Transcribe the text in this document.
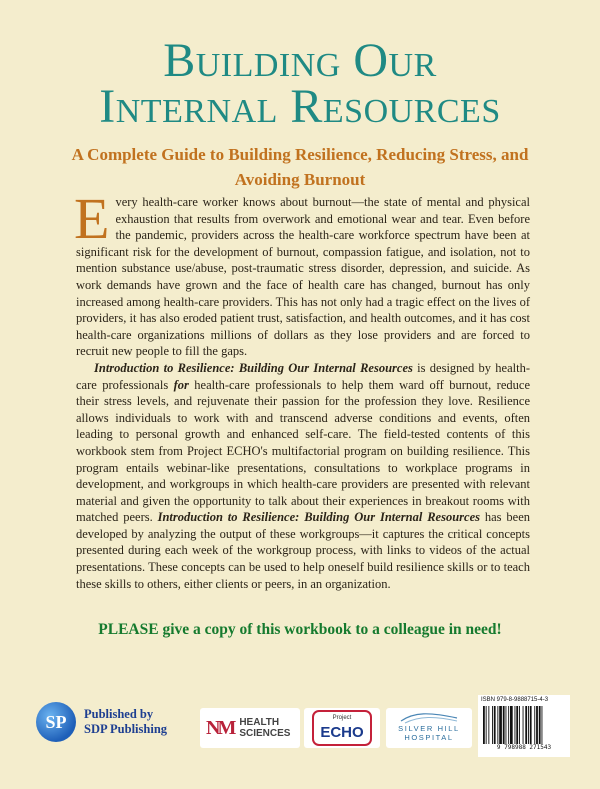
Building Our
Internal Resources
A Complete Guide to Building Resilience, Reducing Stress, and
Avoiding Burnout

Every health-care worker knows about burnout—the state of mental and physical exhaustion that results from overwork and emotional wear and tear. Even before the pandemic, providers across the health-care workforce spectrum have been at significant risk for the development of burnout, compassion fatigue, and isolation, not to mention substance use/abuse, post-traumatic stress disorder, depression, and suicide. As work demands have grown and the face of health care has changed, burnout has only increased among health-care providers. This has not only had a tragic effect on the lives of providers, it has also eroded patient trust, satisfaction, and health outcomes, and it has cost health-care organizations millions of dollars as they lose providers and are forced to recruit new people to fill the gaps.

Introduction to Resilience: Building Our Internal Resources is designed by health-care professionals for health-care professionals to help them ward off burnout, reduce their stress levels, and rejuvenate their passion for the profession they love. Resilience allows individuals to work with and transcend adverse conditions and events, often leading to personal growth and enhanced self-care. The field-tested contents of this workbook stem from Project ECHO's multifactorial program on building resilience. This program entails webinar-like presentations, consultations to workplace programs in development, and workgroups in which health-care providers are presented with relevant material and given the opportunity to talk about their experiences in breakout rooms with matched peers. Introduction to Resilience: Building Our Internal Resources has been developed by analyzing the output of these workgroups—it captures the critical concepts presented during each week of the workgroup process, with links to videos of the actual presentations. These concepts can be used to help oneself build resilience skills or to teach these skills to others, either clients or peers, in an organization.

PLEASE give a copy of this workbook to a colleague in need!
SP Published by
SDP Publishing NM HEALTH
SCIENCES
Project
ECHO	SILVER HILL
HOSPITAL
ISBN 979-8-9888715-4-3
9 798988 271543
